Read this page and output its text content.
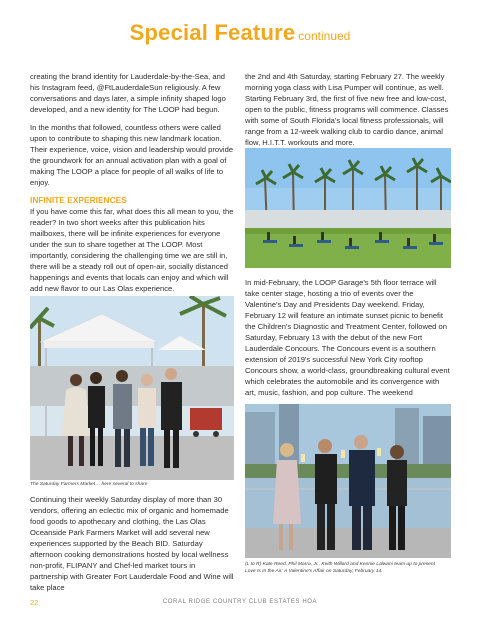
Special Feature continued

creating the brand identity for Lauderdale-by-the-Sea, and his Instagram feed, @FtLauderdaleSun religiously. A few conversations and days later, a simple infinity shaped logo developed, and a new identity for The LOOP had begun.

In the months that followed, countless others were called upon to contribute to shaping this new landmark location. Their experience, voice, vision and leadership would provide the groundwork for an annual activation plan with a goal of making The LOOP a place for people of all walks of life to enjoy.

INFINITE EXPERIENCES

If you have come this far, what does this all mean to you, the reader? In two short weeks after this publication hits mailboxes, there will be infinite experiences for everyone under the sun to share together at The LOOP. Most importantly, considering the challenging time we are still in, there will be a steady roll out of open-air, socially distanced happenings and events that locals can enjoy and which will add new flavor to our Las Olas experience.

The Saturday Farmers Market… here several to share

Continuing their weekly Saturday display of more than 30 vendors, offering an eclectic mix of organic and homemade food goods to apothecary and clothing, the Las Olas Oceanside Park Farmers Market will add several new experiences supported by the Beach BID. Saturday afternoon cooking demonstrations hosted by local wellness non-profit, FLIPANY and Chef-led market tours in partnership with Greater Fort Lauderdale Food and Wine will take place

the 2nd and 4th Saturday, starting February 27. The weekly morning yoga class with Lisa Pumper will continue, as well. Starting February 3rd, the first of five new free and low-cost, open to the public, fitness programs will commence. Classes with some of South Florida's local fitness professionals, will range from a 12-week walking club to cardio dance, animal flow, H.I.T.T. workouts and more.

In mid-February, the LOOP Garage's 5th floor terrace will take center stage, hosting a trio of events over the Valentine's Day and Presidents Day weekend. Friday, February 12 will feature an intimate sunset picnic to benefit the Children's Diagnostic and Treatment Center, followed on Saturday, February 13 with the debut of the new Fort Lauderdale Concours. The Concours event is a southern extension of 2019's successful New York City rooftop Concours show, a world-class, groundbreaking cultural event which celebrates the automobile and its convergence with art, music, fashion, and pop culture. The weekend

(L to R) Kate Reed, Phil Marra, Jr., Keith Willard and Kennie Lalwani team up to present
Love Is In the Air: A Valentine's Affair on Saturday, February 14.
22	CORAL RIDGE COUNTRY CLUB ESTATES HOA
